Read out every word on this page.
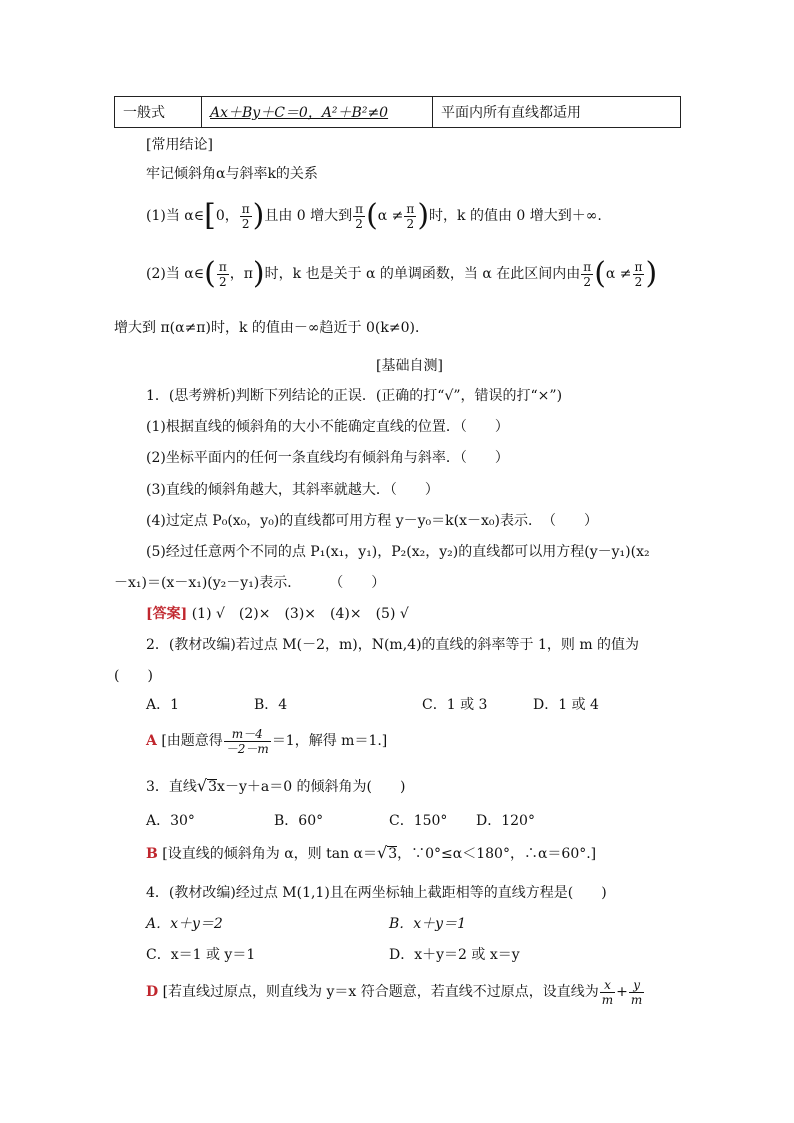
一般式	Ax＋By＋C＝0，A²＋B²≠0	平面内所有直线都适用
[常用结论]
牢记倾斜角α与斜率k的关系
(1)当 α∈[0， $\frac{\pi}{2}$ )且由 0 增大到 $\frac{\pi}{2} (\alpha \ne \frac{\pi}{2}$ )时，k 的值由 0 增大到＋∞.
(2)当 α∈( $\frac{\pi}{2}$ ，π)时，k 也是关于 α 的单调函数，当 α 在此区间内由 $\frac{\pi}{2} (\alpha \ne \frac{\pi}{2}$ )
增大到 π(α≠π)时，k 的值由－∞趋近于 0(k≠0)．
[基础自测]
1．(思考辨析)判断下列结论的正误．(正确的打“√”，错误的打“×”)
(1)根据直线的倾斜角的大小不能确定直线的位置．（　　）
(2)坐标平面内的任何一条直线均有倾斜角与斜率．（　　）
(3)直线的倾斜角越大，其斜率就越大．（　　）
(4)过定点 P₀(x₀，y₀)的直线都可用方程 y－y₀＝k(x－x₀)表示．　（　　）
(5)经过任意两个不同的点 P₁(x₁，y₁)，P₂(x₂，y₂)的直线都可以用方程(y－y₁)(x₂
－x₁)＝(x－x₁)(y₂－y₁)表示．　　　（　　）
[答案] (1) √　(2)×　(3)×　(4)×　(5) √
2．(教材改编)若过点 M(－2，m)，N(m,4)的直线的斜率等于 1，则 m 的值为
(　　)
A．1	B．4	C．1 或 3	D．1 或 4
A [由题意得 $\frac{m-4}{-2-m} =1$，解得 m＝1.]
3．直线√3x－y＋a＝0 的倾斜角为(　　)
A．30°	B．60°	C．150° D．120°
B [设直线的倾斜角为 α，则 tan α＝√3，∵0°≤α＜180°，∴α＝60°.]
4．(教材改编)经过点 M(1,1)且在两坐标轴上截距相等的直线方程是(　　)
A．x＋y＝2	B．x＋y＝1
C．x＝1 或 y＝1	D．x＋y＝2 或 x＝y
D [若直线过原点，则直线为 y＝x 符合题意，若直线不过原点，设直线为 $\frac{x}{m} + \frac{y}{m}$
